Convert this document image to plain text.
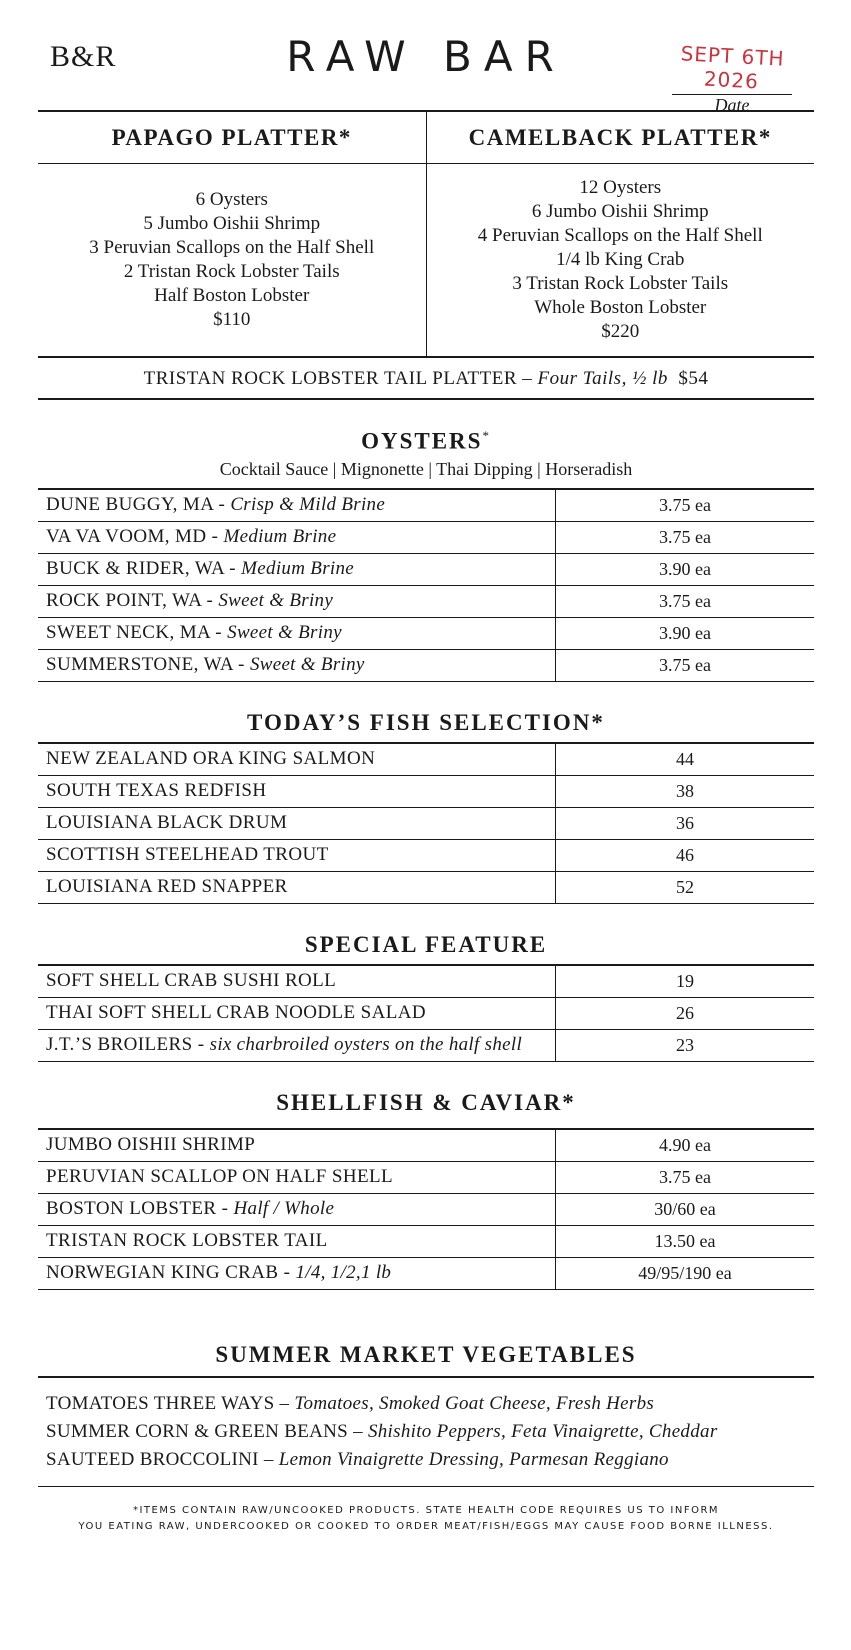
B&R	RAW BAR	SEPT 6TH 2026
Date
PAPAGO PLATTER*
6 Oysters
5 Jumbo Oishii Shrimp
3 Peruvian Scallops on the Half Shell
2 Tristan Rock Lobster Tails
Half Boston Lobster
$110
CAMELBACK PLATTER*
12 Oysters
6 Jumbo Oishii Shrimp
4 Peruvian Scallops on the Half Shell
1/4 lb King Crab
3 Tristan Rock Lobster Tails
Whole Boston Lobster
$220
TRISTAN ROCK LOBSTER TAIL PLATTER – Four Tails, ½ lb $54
OYSTERS*
Cocktail Sauce | Mignonette | Thai Dipping | Horseradish
DUNE BUGGY, MA -
Crisp & Mild Brine	3.75 ea
VA VA VOOM, MD -
Medium Brine	3.75 ea
BUCK & RIDER, WA -
Medium Brine	3.90 ea
ROCK POINT, WA -
Sweet & Briny	3.75 ea
SWEET NECK, MA -
Sweet & Briny	3.90 ea
SUMMERSTONE, WA -
Sweet & Briny	3.75 ea
TODAY’S FISH SELECTION*
NEW ZEALAND ORA KING SALMON	44
SOUTH TEXAS REDFISH	38
LOUISIANA BLACK DRUM	36
SCOTTISH STEELHEAD TROUT	46
LOUISIANA RED SNAPPER	52
SPECIAL FEATURE
SOFT SHELL CRAB SUSHI ROLL	19
THAI SOFT SHELL CRAB NOODLE SALAD	26
J.T.’S BROILERS -
six charbroiled oysters on the half shell	23
SHELLFISH & CAVIAR*
JUMBO OISHII SHRIMP	4.90 ea
PERUVIAN SCALLOP ON HALF SHELL	3.75 ea
BOSTON LOBSTER -
Half / Whole	30/60 ea
TRISTAN ROCK LOBSTER TAIL	13.50 ea
NORWEGIAN KING CRAB -
1/4, 1/2,1 lb	49/95/190 ea
SUMMER MARKET VEGETABLES
TOMATOES THREE WAYS – Tomatoes, Smoked Goat Cheese, Fresh Herbs
SUMMER CORN & GREEN BEANS – Shishito Peppers, Feta Vinaigrette, Cheddar
SAUTEED BROCCOLINI – Lemon Vinaigrette Dressing, Parmesan Reggiano
*ITEMS CONTAIN RAW/UNCOOKED PRODUCTS. STATE HEALTH CODE REQUIRES US TO INFORM
YOU EATING RAW, UNDERCOOKED OR COOKED TO ORDER MEAT/FISH/EGGS MAY CAUSE FOOD BORNE ILLNESS.
